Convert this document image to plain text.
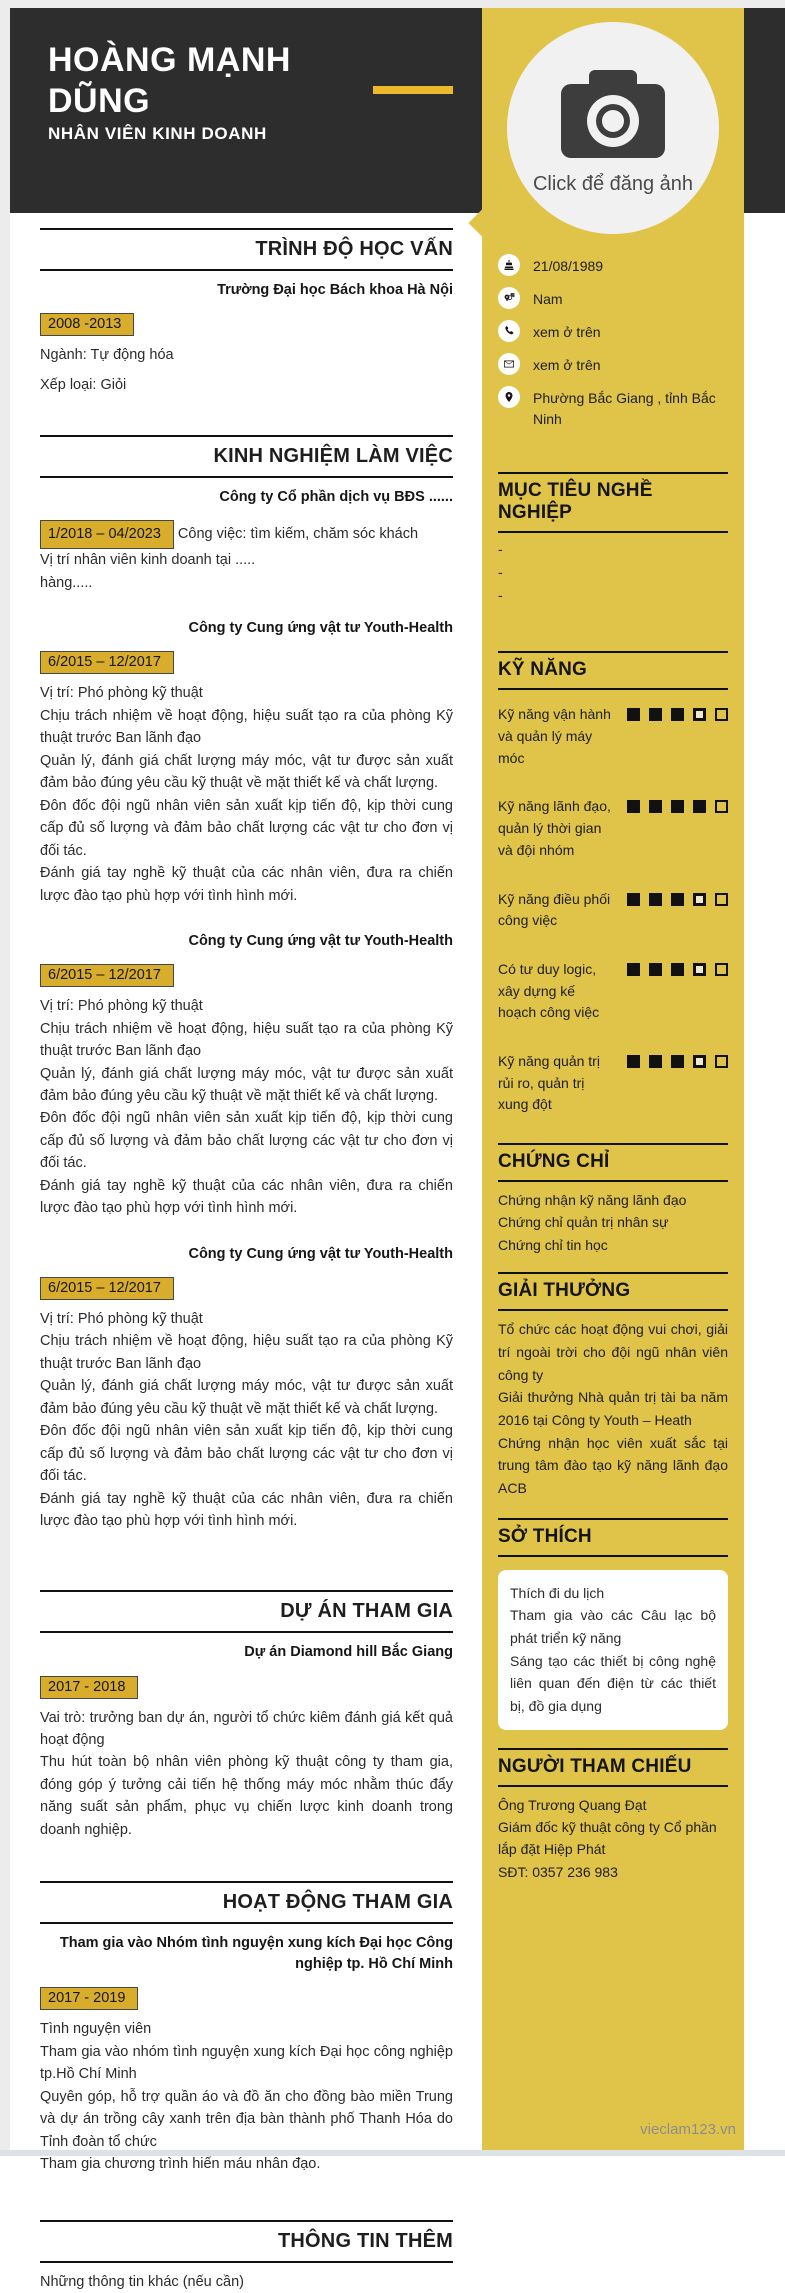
HOÀNG MẠNH DŨNG
NHÂN VIÊN KINH DOANH
TRÌNH ĐỘ HỌC VẤN
Trường Đại học Bách khoa Hà Nội
2008 -2013

Ngành: Tự động hóa

Xếp loại: Giỏi

KINH NGHIỆM LÀM VIỆC
Công ty Cổ phần dịch vụ BĐS ......

1/2018 – 04/2023 Công việc: tìm kiếm, chăm sóc khách

Vị trí nhân viên kinh doanh tại .....

hàng.....

Công ty Cung ứng vật tư Youth-Health
6/2015 – 12/2017

Vị trí: Phó phòng kỹ thuật

Chịu trách nhiệm về hoạt động, hiệu suất tạo ra của phòng Kỹ thuật trước Ban lãnh đạo

Quản lý, đánh giá chất lượng máy móc, vật tư được sản xuất đảm bảo đúng yêu cầu kỹ thuật về mặt thiết kế và chất lượng.

Đôn đốc đội ngũ nhân viên sản xuất kịp tiến độ, kịp thời cung cấp đủ số lượng và đảm bảo chất lượng các vật tư cho đơn vị đối tác.

Đánh giá tay nghề kỹ thuật của các nhân viên, đưa ra chiến lược đào tạo phù hợp với tình hình mới.

Công ty Cung ứng vật tư Youth-Health
6/2015 – 12/2017

Vị trí: Phó phòng kỹ thuật

Chịu trách nhiệm về hoạt động, hiệu suất tạo ra của phòng Kỹ thuật trước Ban lãnh đạo

Quản lý, đánh giá chất lượng máy móc, vật tư được sản xuất đảm bảo đúng yêu cầu kỹ thuật về mặt thiết kế và chất lượng.

Đôn đốc đội ngũ nhân viên sản xuất kịp tiến độ, kịp thời cung cấp đủ số lượng và đảm bảo chất lượng các vật tư cho đơn vị đối tác.

Đánh giá tay nghề kỹ thuật của các nhân viên, đưa ra chiến lược đào tạo phù hợp với tình hình mới.

Công ty Cung ứng vật tư Youth-Health
6/2015 – 12/2017

Vị trí: Phó phòng kỹ thuật

Chịu trách nhiệm về hoạt động, hiệu suất tạo ra của phòng Kỹ thuật trước Ban lãnh đạo

Quản lý, đánh giá chất lượng máy móc, vật tư được sản xuất đảm bảo đúng yêu cầu kỹ thuật về mặt thiết kế và chất lượng.

Đôn đốc đội ngũ nhân viên sản xuất kịp tiến độ, kịp thời cung cấp đủ số lượng và đảm bảo chất lượng các vật tư cho đơn vị đối tác.

Đánh giá tay nghề kỹ thuật của các nhân viên, đưa ra chiến lược đào tạo phù hợp với tình hình mới.

DỰ ÁN THAM GIA
Dự án Diamond hill Bắc Giang
2017 - 2018

Vai trò: trưởng ban dự án, người tổ chức kiêm đánh giá kết quả hoạt động

Thu hút toàn bộ nhân viên phòng kỹ thuật công ty tham gia, đóng góp ý tưởng cải tiến hệ thống máy móc nhằm thúc đẩy năng suất sản phẩm, phục vụ chiến lược kinh doanh trong doanh nghiệp.

HOẠT ĐỘNG THAM GIA
Tham gia vào Nhóm tình nguyện xung kích Đại học Công nghiệp tp. Hồ Chí Minh
2017 - 2019

Tình nguyện viên

Tham gia vào nhóm tình nguyện xung kích Đại học công nghiệp tp.Hồ Chí Minh

Quyên góp, hỗ trợ quần áo và đồ ăn cho đồng bào miền Trung và dự án trồng cây xanh trên địa bàn thành phố Thanh Hóa do Tỉnh đoàn tổ chức

Tham gia chương trình hiến máu nhân đạo.

THÔNG TIN THÊM

Những thông tin khác (nếu cần)

Click để đăng ảnh
21/08/1989
Nam
xem ở trên
xem ở trên
Phường Bắc Giang , tỉnh Bắc Ninh
MỤC TIÊU NGHỀ NGHIỆP
-
-
-
KỸ NĂNG
Kỹ năng vận hành và quản lý máy móc
Kỹ năng lãnh đạo, quản lý thời gian và đội nhóm
Kỹ năng điều phối công việc
Có tư duy logic, xây dựng kế hoạch công việc
Kỹ năng quản trị rủi ro, quản trị xung đột
CHỨNG CHỈ
Chứng nhận kỹ năng lãnh đạo
Chứng chỉ quản trị nhân sự
Chứng chỉ tin học
GIẢI THƯỞNG

Tổ chức các hoạt động vui chơi, giải trí ngoài trời cho đội ngũ nhân viên công ty

Giải thưởng Nhà quản trị tài ba năm 2016 tại Công ty Youth – Heath

Chứng nhận học viên xuất sắc tại trung tâm đào tạo kỹ năng lãnh đạo ACB

SỞ THÍCH

Thích đi du lịch

Tham gia vào các Câu lạc bộ phát triển kỹ năng

Sáng tạo các thiết bị công nghệ liên quan đến điện từ các thiết bị, đồ gia dụng

NGƯỜI THAM CHIẾU
Ông Trương Quang Đạt
Giám đốc kỹ thuật công ty Cổ phần lắp đặt Hiệp Phát
SĐT: 0357 236 983
vieclam123.vn
